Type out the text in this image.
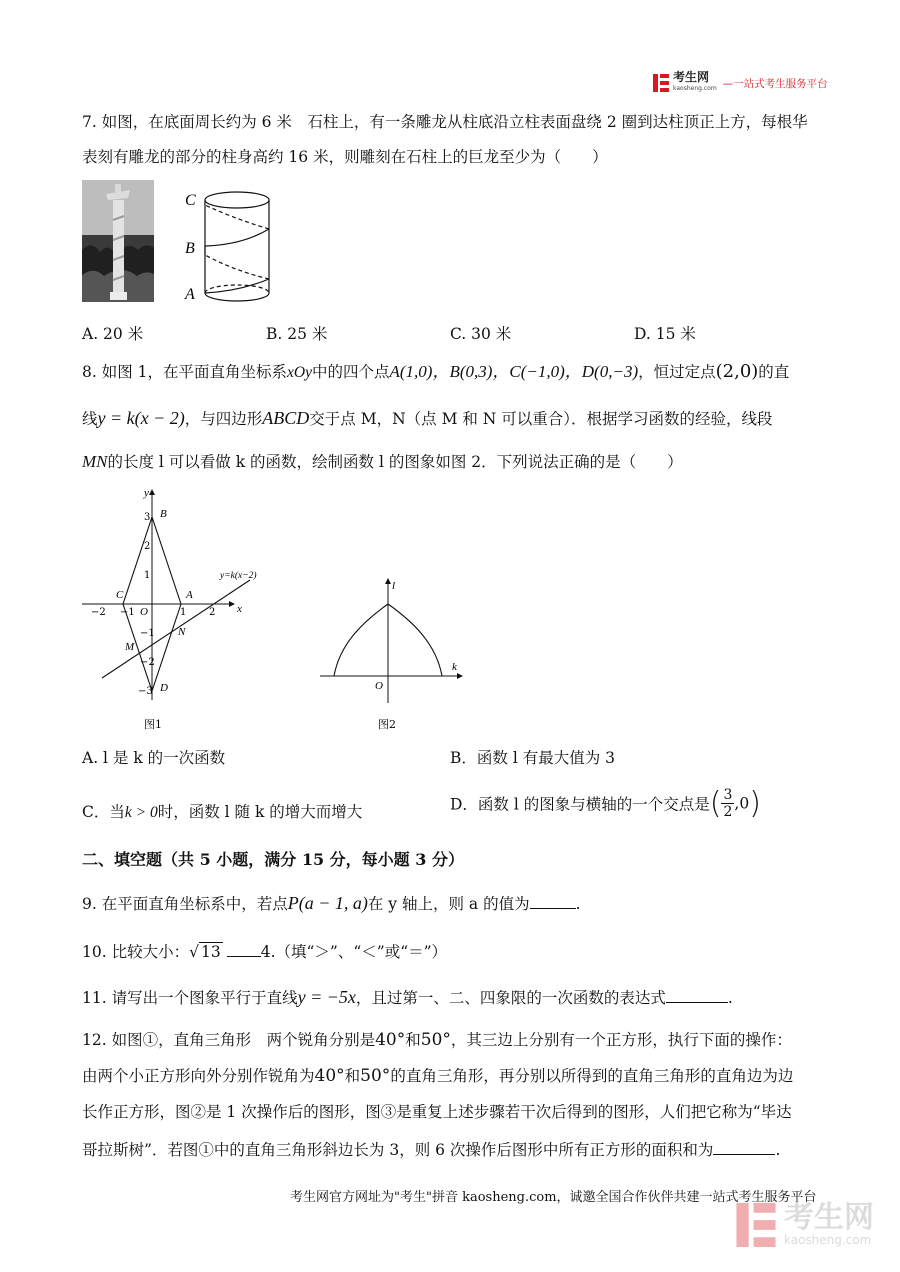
考生网
kaosheng.com —一站式考生服务平台
7. 如图，在底面周长约为 6 米　石柱上，有一条雕龙从柱底沿立柱表面盘绕 2 圈到达柱顶正上方，每根华
表刻有雕龙的部分的柱身高约 16 米，则雕刻在石柱上的巨龙至少为（　　）
C
B
A
A. 20 米	B. 25 米	C. 30 米	D. 15 米
8. 如图 1，在平面直角坐标系xOy中的四个点A(1,0)，B(0,3)，C(−1,0)，D(0,−3)，恒过定点(2,0)的直
线y = k(x − 2)，与四边形ABCD交于点 M，N（点 M 和 N 可以重合）．根据学习函数的经验，线段
MN的长度 l 可以看做 k 的函数，绘制函数 l 的图象如图 2．下列说法正确的是（　　）
−2 −1	1 2
3
2
1
−1
−2
−3
x
y
O
A
B
C
D
M
N
y=k(x−2)
图1
l
k
O
图2
A. l 是 k 的一次函数	B．函数 l 有最大值为 3
C．当k > 0时，函数 l 随 k 的增大而增大	D．函数 l 的图象与横轴的一个交点是( $\frac{3}{2} ,0$)
二、填空题（共 5 小题，满分 15 分，每小题 3 分）
9. 在平面直角坐标系中，若点P(a − 1, a)在 y 轴上，则 a 的值为	.
10. 比较大小：√ 13	4.（填“＞”、“＜”或“＝”）
11. 请写出一个图象平行于直线y = −5x，且过第一、二、四象限的一次函数的表达式	.
12. 如图①，直角三角形　两个锐角分别是40°和50°，其三边上分别有一个正方形，执行下面的操作：
由两个小正方形向外分别作锐角为40°和50°的直角三角形，再分别以所得到的直角三角形的直角边为边
长作正方形，图②是 1 次操作后的图形，图③是重复上述步骤若干次后得到的图形，人们把它称为“毕达
哥拉斯树”．若图①中的直角三角形斜边长为 3，则 6 次操作后图形中所有正方形的面积和为	.
考生网官方网址为"考生"拼音 kaosheng.com，诚邀全国合作伙伴共建一站式考生服务平台
考生网
kaosheng.com
